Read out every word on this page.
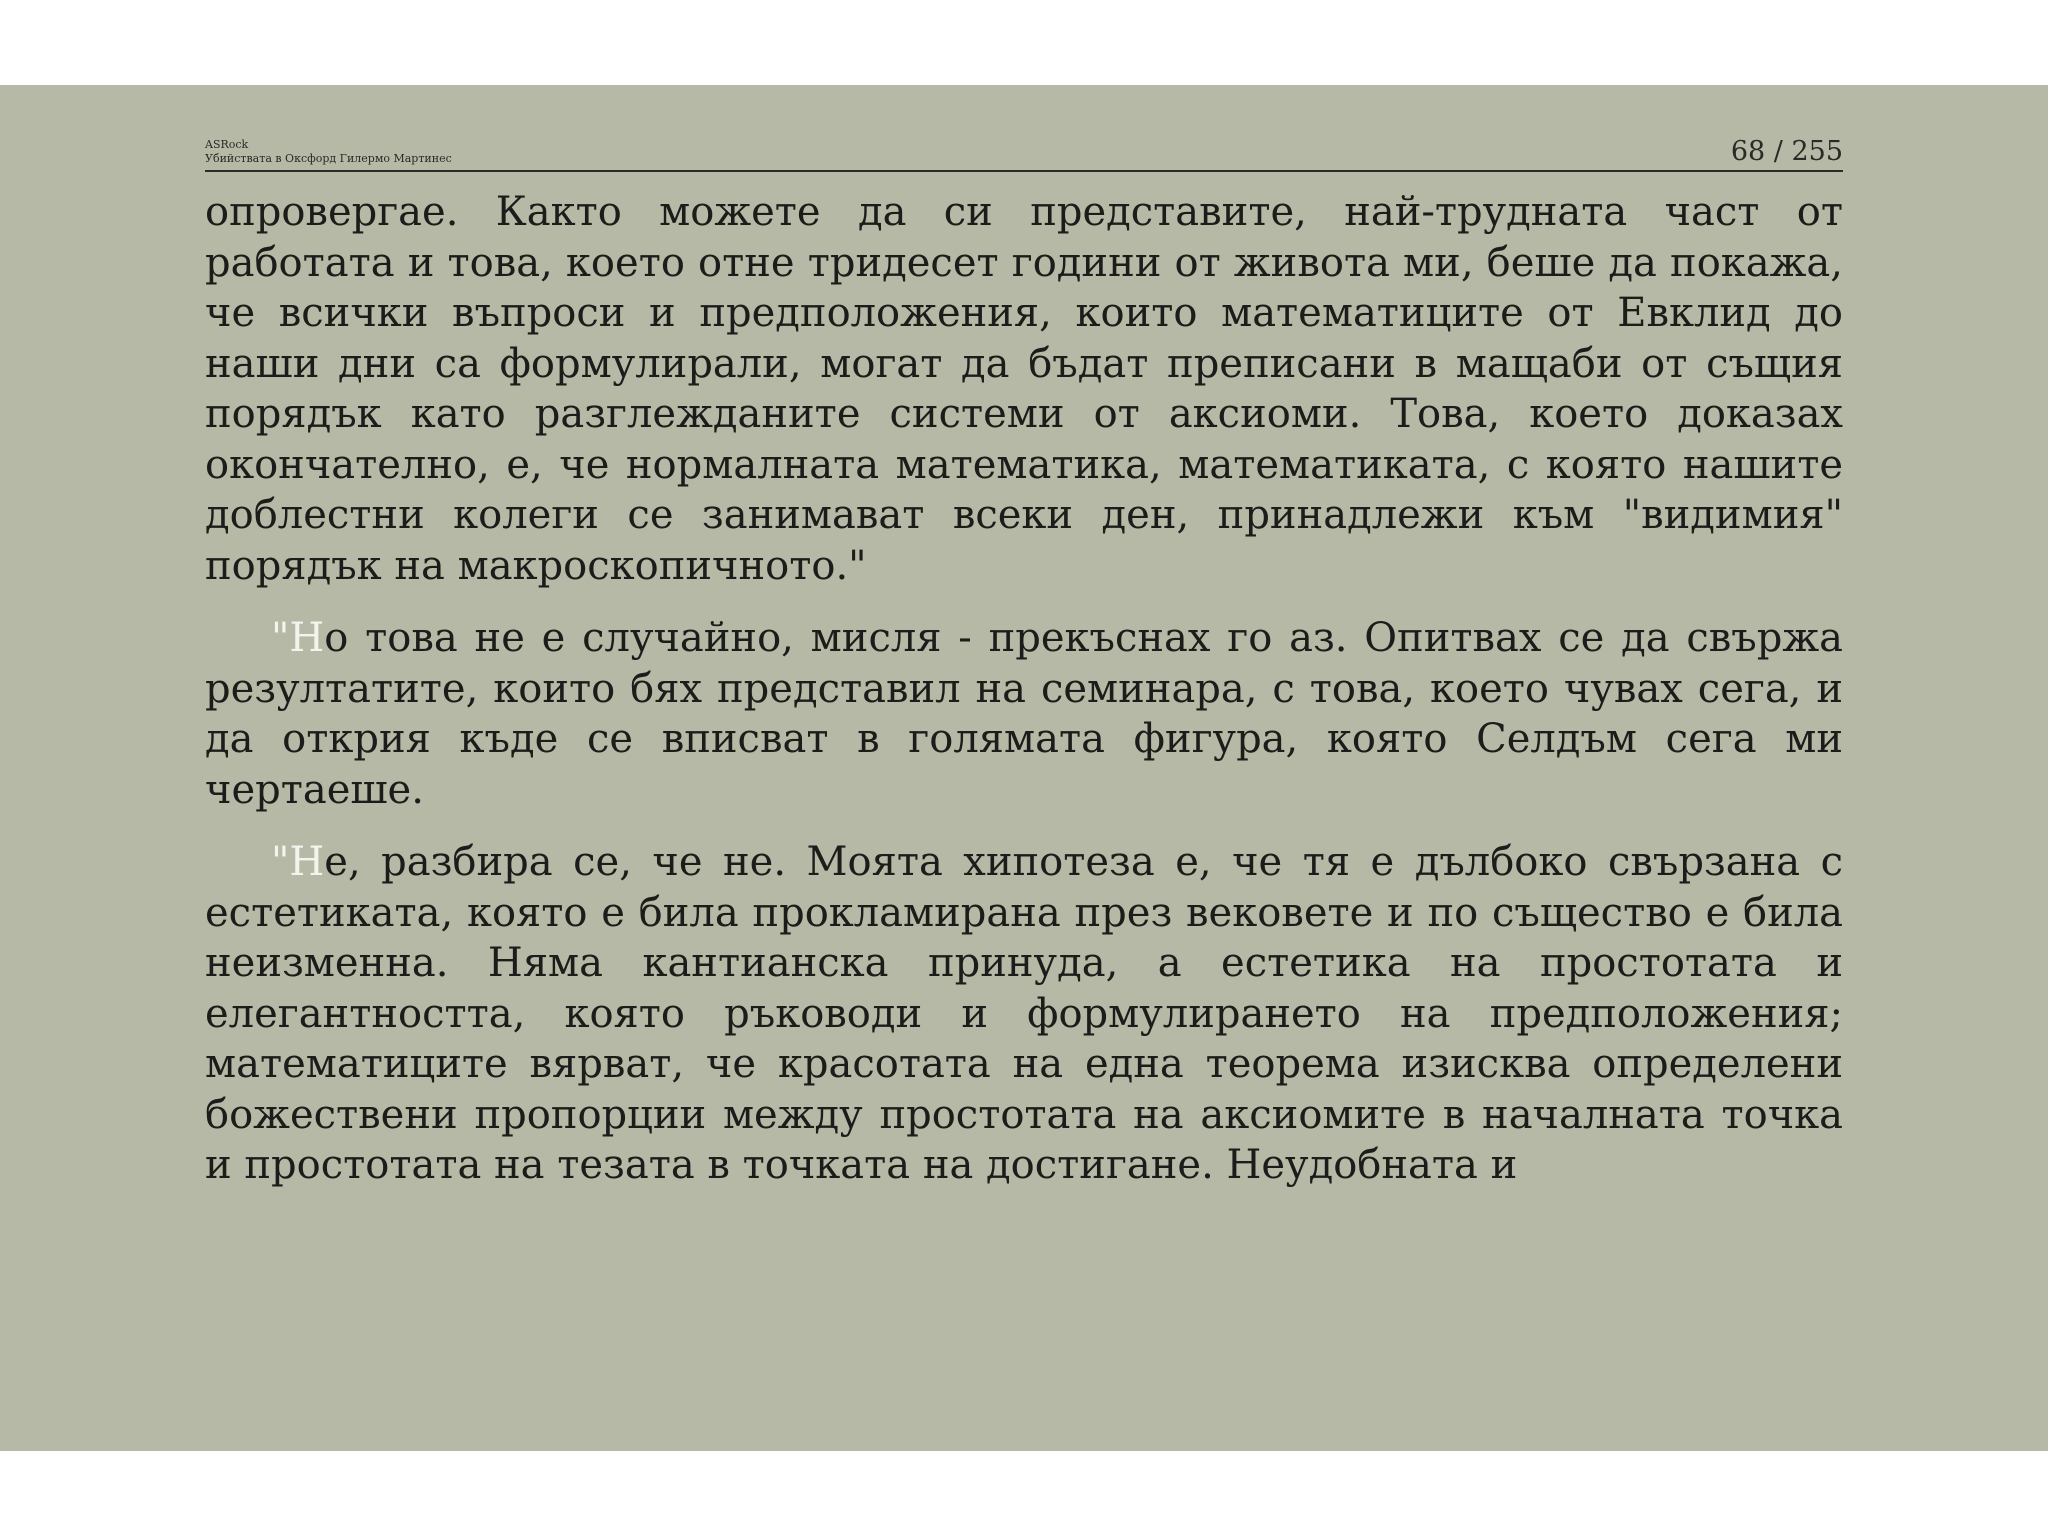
ASRock
Убийствата в Оксфорд Гилермо Мартинес	68 / 255

опровергае. Както можете да си представите, най-трудната част от работата и това, което отне тридесет години от живота ми, беше да покажа, че всички въпроси и предположения, които математиците от Евклид до наши дни са формулирали, могат да бъдат преписани в мащаби от същия порядък като разглежданите системи от аксиоми. Това, което доказах окончателно, е, че нормалната математика, математиката, с която нашите доблестни колеги се занимават всеки ден, принадлежи към "видимия" порядък на макроскопичното."

"Но това не е случайно, мисля - прекъснах го аз. Опитвах се да свържа резултатите, които бях представил на семинара, с това, което чувах сега, и да открия къде се вписват в голямата фигура, която Селдъм сега ми чертаеше.

"Не, разбира се, че не. Моята хипотеза е, че тя е дълбоко свързана с естетиката, която е била прокламирана през вековете и по същество е била неизменна. Няма кантианска принуда, а естетика на простотата и елегантността, която ръководи и формулирането на предположения; математиците вярват, че красотата на една теорема изисква определени божествени пропорции между простотата на аксиомите в началната точка и простотата на тезата в точката на достигане. Неудобната и
